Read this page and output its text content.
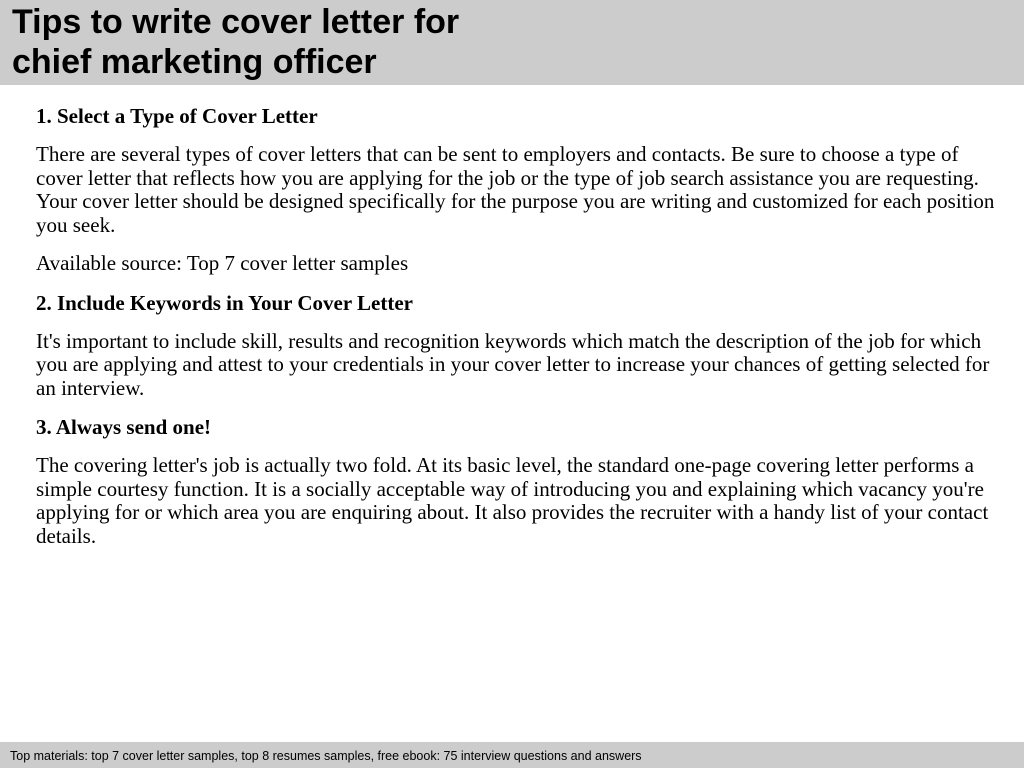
Tips to write cover letter for
chief marketing officer
1. Select a Type of Cover Letter
There are several types of cover letters that can be sent to employers and contacts. Be sure to choose a type of cover letter that reflects how you are applying for the job or the type of job search assistance you are requesting. Your cover letter should be designed specifically for the purpose you are writing and customized for each position you seek.
Available source: Top 7 cover letter samples
2. Include Keywords in Your Cover Letter
It's important to include skill, results and recognition keywords which match the description of the job for which you are applying and attest to your credentials in your cover letter to increase your chances of getting selected for an interview.
3. Always send one!
The covering letter's job is actually two fold. At its basic level, the standard one-page covering letter performs a simple courtesy function. It is a socially acceptable way of introducing you and explaining which vacancy you're applying for or which area you are enquiring about. It also provides the recruiter with a handy list of your contact details.
Top materials: top 7 cover letter samples, top 8 resumes samples, free ebook: 75 interview questions and answers
